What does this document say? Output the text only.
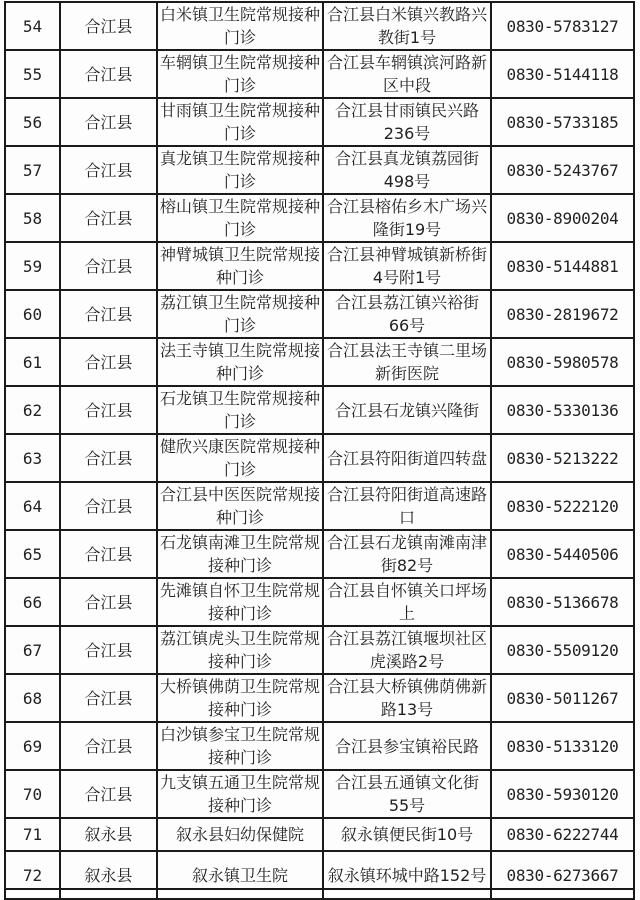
54	合江县	白米镇卫生院常规接种门诊	合江县白米镇兴教路兴教街1号	0830-5783127
55	合江县	车辋镇卫生院常规接种门诊	合江县车辋镇滨河路新区中段	0830-5144118
56	合江县	甘雨镇卫生院常规接种门诊	合江县甘雨镇民兴路236号	0830-5733185
57	合江县	真龙镇卫生院常规接种门诊	合江县真龙镇荔园街498号	0830-5243767
58	合江县	榕山镇卫生院常规接种门诊	合江县榕佑乡木广场兴隆街19号	0830-8900204
59	合江县	神臂城镇卫生院常规接种门诊	合江县神臂城镇新桥街4号附1号	0830-5144881
60	合江县	荔江镇卫生院常规接种门诊	合江县荔江镇兴裕街66号	0830-2819672
61	合江县	法王寺镇卫生院常规接种门诊	合江县法王寺镇二里场新街医院	0830-5980578
62	合江县	石龙镇卫生院常规接种门诊	合江县石龙镇兴隆街	0830-5330136
63	合江县	健欣兴康医院常规接种门诊	合江县符阳街道四转盘	0830-5213222
64	合江县	合江县中医医院常规接种门诊	合江县符阳街道高速路口	0830-5222120
65	合江县	石龙镇南滩卫生院常规接种门诊	合江县石龙镇南滩南津街82号	0830-5440506
66	合江县	先滩镇自怀卫生院常规接种门诊	合江县自怀镇关口坪场上	0830-5136678
67	合江县	荔江镇虎头卫生院常规接种门诊	合江县荔江镇堰坝社区虎溪路2号	0830-5509120
68	合江县	大桥镇佛荫卫生院常规接种门诊	合江县大桥镇佛荫佛新路13号	0830-5011267
69	合江县	白沙镇参宝卫生院常规接种门诊	合江县参宝镇裕民路	0830-5133120
70	合江县	九支镇五通卫生院常规接种门诊	合江县五通镇文化街55号	0830-5930120
71	叙永县	叙永县妇幼保健院	叙永镇便民街10号	0830-6222744
72	叙永县	叙永镇卫生院	叙永镇环城中路152号	0830-6273667
